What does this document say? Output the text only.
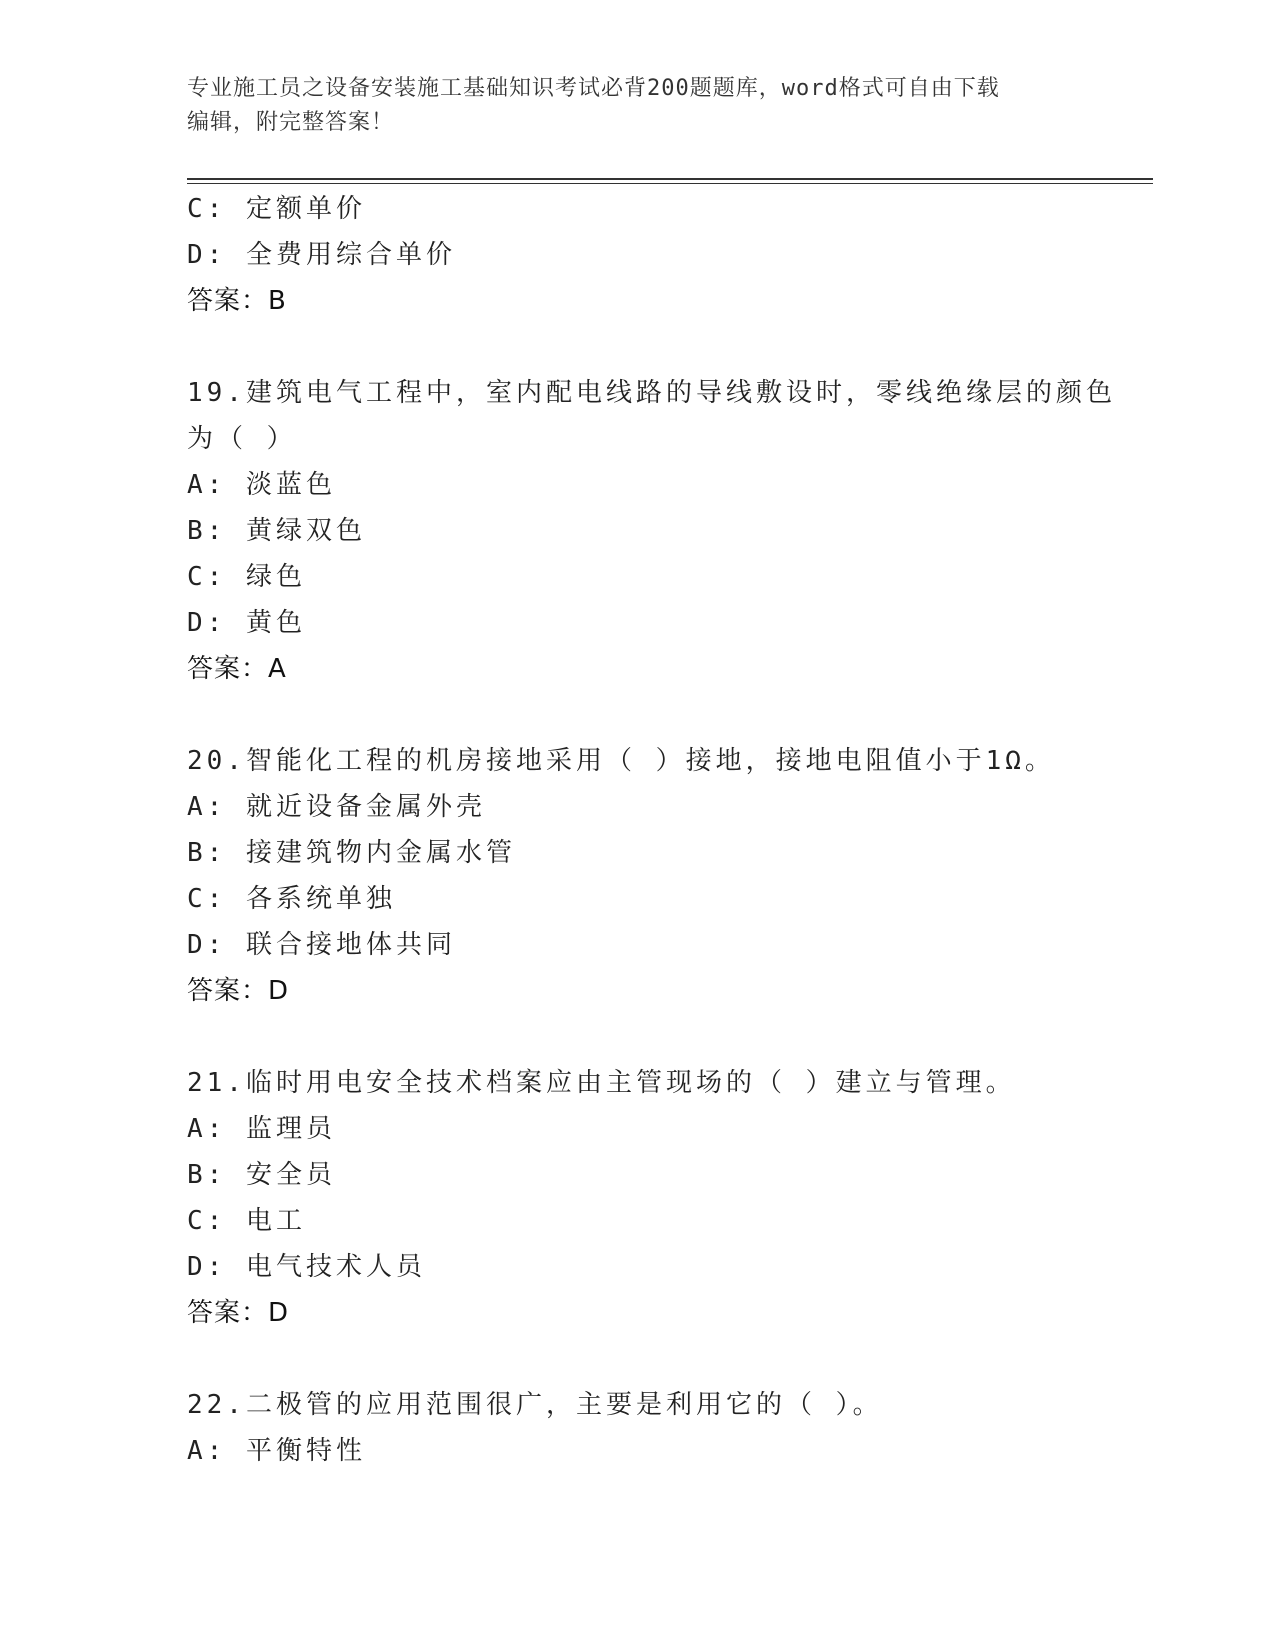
专业施工员之设备安装施工基础知识考试必背200题题库，word格式可自由下载
编辑，附完整答案！
C: 定额单价
D: 全费用综合单价
答案：B
19.建筑电气工程中，室内配电线路的导线敷设时，零线绝缘层的颜色
为（ ）
A: 淡蓝色
B: 黄绿双色
C: 绿色
D: 黄色
答案：A
20.智能化工程的机房接地采用（ ）接地，接地电阻值小于1Ω。
A: 就近设备金属外壳
B: 接建筑物内金属水管
C: 各系统单独
D: 联合接地体共同
答案：D
21.临时用电安全技术档案应由主管现场的（ ）建立与管理。
A: 监理员
B: 安全员
C: 电工
D: 电气技术人员
答案：D
22.二极管的应用范围很广，主要是利用它的（ ）。
A: 平衡特性
